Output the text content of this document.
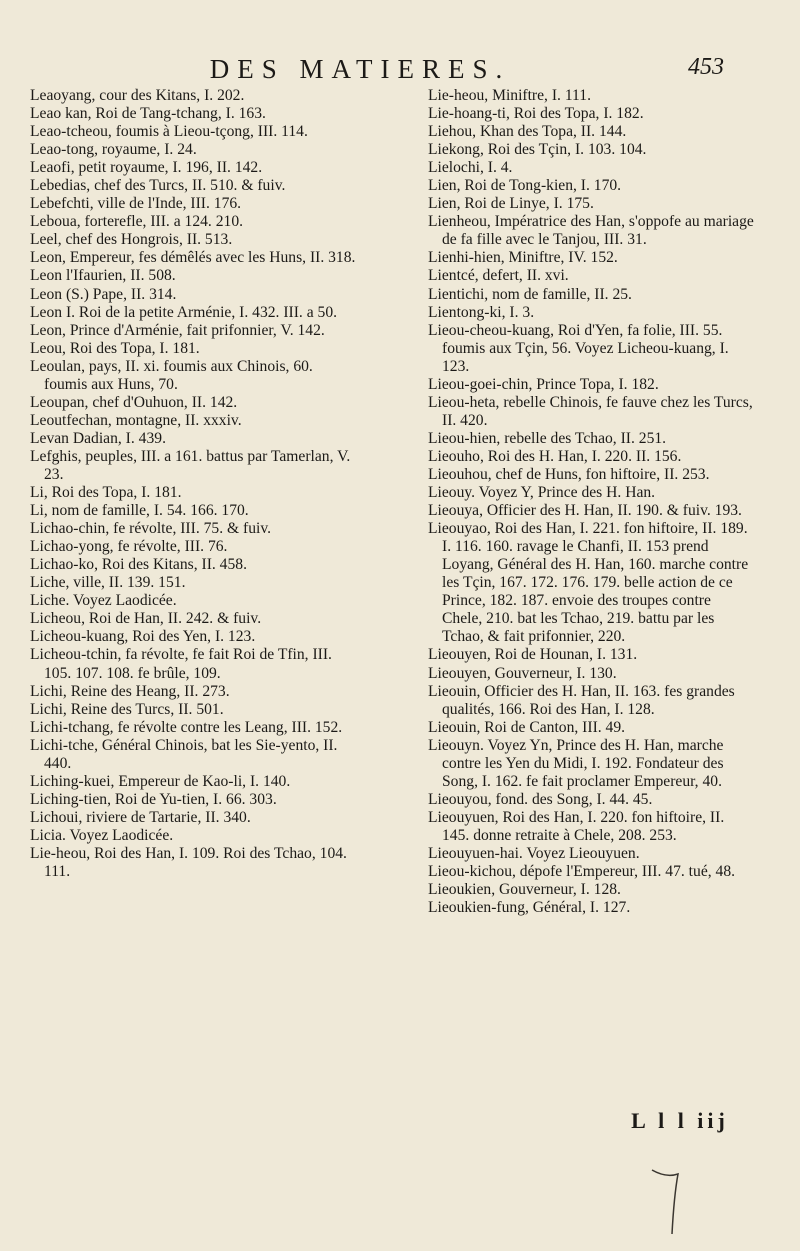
DES MATIERES.	453
Leaoyang, cour des Kitans, I. 202.
Leao kan, Roi de Tang-tchang, I. 163.
Leao-tcheou, foumis à Lieou-tçong, III. 114.
Leao-tong, royaume, I. 24.
Leaofi, petit royaume, I. 196, II. 142.
Lebedias, chef des Turcs, II. 510. & fuiv.
Lebefchti, ville de l'Inde, III. 176.
Leboua, forterefle, III. a 124. 210.
Leel, chef des Hongrois, II. 513.
Leon, Empereur, fes démêlés avec les Huns, II. 318.
Leon l'Ifaurien, II. 508.
Leon (S.) Pape, II. 314.
Leon I. Roi de la petite Arménie, I. 432. III. a 50.
Leon, Prince d'Arménie, fait prifonnier, V. 142.
Leou, Roi des Topa, I. 181.
Leoulan, pays, II. xi. foumis aux Chinois, 60. foumis aux Huns, 70.
Leoupan, chef d'Ouhuon, II. 142.
Leoutfechan, montagne, II. xxxiv.
Levan Dadian, I. 439.
Lefghis, peuples, III. a 161. battus par Tamerlan, V. 23.
Li, Roi des Topa, I. 181.
Li, nom de famille, I. 54. 166. 170.
Lichao-chin, fe révolte, III. 75. & fuiv.
Lichao-yong, fe révolte, III. 76.
Lichao-ko, Roi des Kitans, II. 458.
Liche, ville, II. 139. 151.
Liche. Voyez Laodicée.
Licheou, Roi de Han, II. 242. & fuiv.
Licheou-kuang, Roi des Yen, I. 123.
Licheou-tchin, fa révolte, fe fait Roi de Tfin, III. 105. 107. 108. fe brûle, 109.
Lichi, Reine des Heang, II. 273.
Lichi, Reine des Turcs, II. 501.
Lichi-tchang, fe révolte contre les Leang, III. 152.
Lichi-tche, Général Chinois, bat les Sie-yento, II. 440.
Liching-kuei, Empereur de Kao-li, I. 140.
Liching-tien, Roi de Yu-tien, I. 66. 303.
Lichoui, riviere de Tartarie, II. 340.
Licia. Voyez Laodicée.
Lie-heou, Roi des Han, I. 109. Roi des Tchao, 104. 111.
Lie-heou, Miniftre, I. 111.
Lie-hoang-ti, Roi des Topa, I. 182.
Liehou, Khan des Topa, II. 144.
Liekong, Roi des Tçin, I. 103. 104.
Lielochi, I. 4.
Lien, Roi de Tong-kien, I. 170.
Lien, Roi de Linye, I. 175.
Lienheou, Impératrice des Han, s'oppofe au mariage de fa fille avec le Tanjou, III. 31.
Lienhi-hien, Miniftre, IV. 152.
Lientcé, defert, II. xvi.
Lientichi, nom de famille, II. 25.
Lientong-ki, I. 3.
Lieou-cheou-kuang, Roi d'Yen, fa folie, III. 55. foumis aux Tçin, 56. Voyez Licheou-kuang, I. 123.
Lieou-goei-chin, Prince Topa, I. 182.
Lieou-heta, rebelle Chinois, fe fauve chez les Turcs, II. 420.
Lieou-hien, rebelle des Tchao, II. 251.
Lieouho, Roi des H. Han, I. 220. II. 156.
Lieouhou, chef de Huns, fon hiftoire, II. 253.
Lieouy. Voyez Y, Prince des H. Han.
Lieouya, Officier des H. Han, II. 190. & fuiv. 193.
Lieouyao, Roi des Han, I. 221. fon hiftoire, II. 189. I. 116. 160. ravage le Chanfi, II. 153 prend Loyang, Général des H. Han, 160. marche contre les Tçin, 167. 172. 176. 179. belle action de ce Prince, 182. 187. envoie des troupes contre Chele, 210. bat les Tchao, 219. battu par les Tchao, & fait prifonnier, 220.
Lieouyen, Roi de Hounan, I. 131.
Lieouyen, Gouverneur, I. 130.
Lieouin, Officier des H. Han, II. 163. fes grandes qualités, 166. Roi des Han, I. 128.
Lieouin, Roi de Canton, III. 49.
Lieouyn. Voyez Yn, Prince des H. Han, marche contre les Yen du Midi, I. 192. Fondateur des Song, I. 162. fe fait proclamer Empereur, 40.
Lieouyou, fond. des Song, I. 44. 45.
Lieouyuen, Roi des Han, I. 220. fon hiftoire, II. 145. donne retraite à Chele, 208. 253.
Lieouyuen-hai. Voyez Lieouyuen.
Lieou-kichou, dépofe l'Empereur, III. 47. tué, 48.
Lieoukien, Gouverneur, I. 128.
Lieoukien-fung, Général, I. 127.
L l l iij
